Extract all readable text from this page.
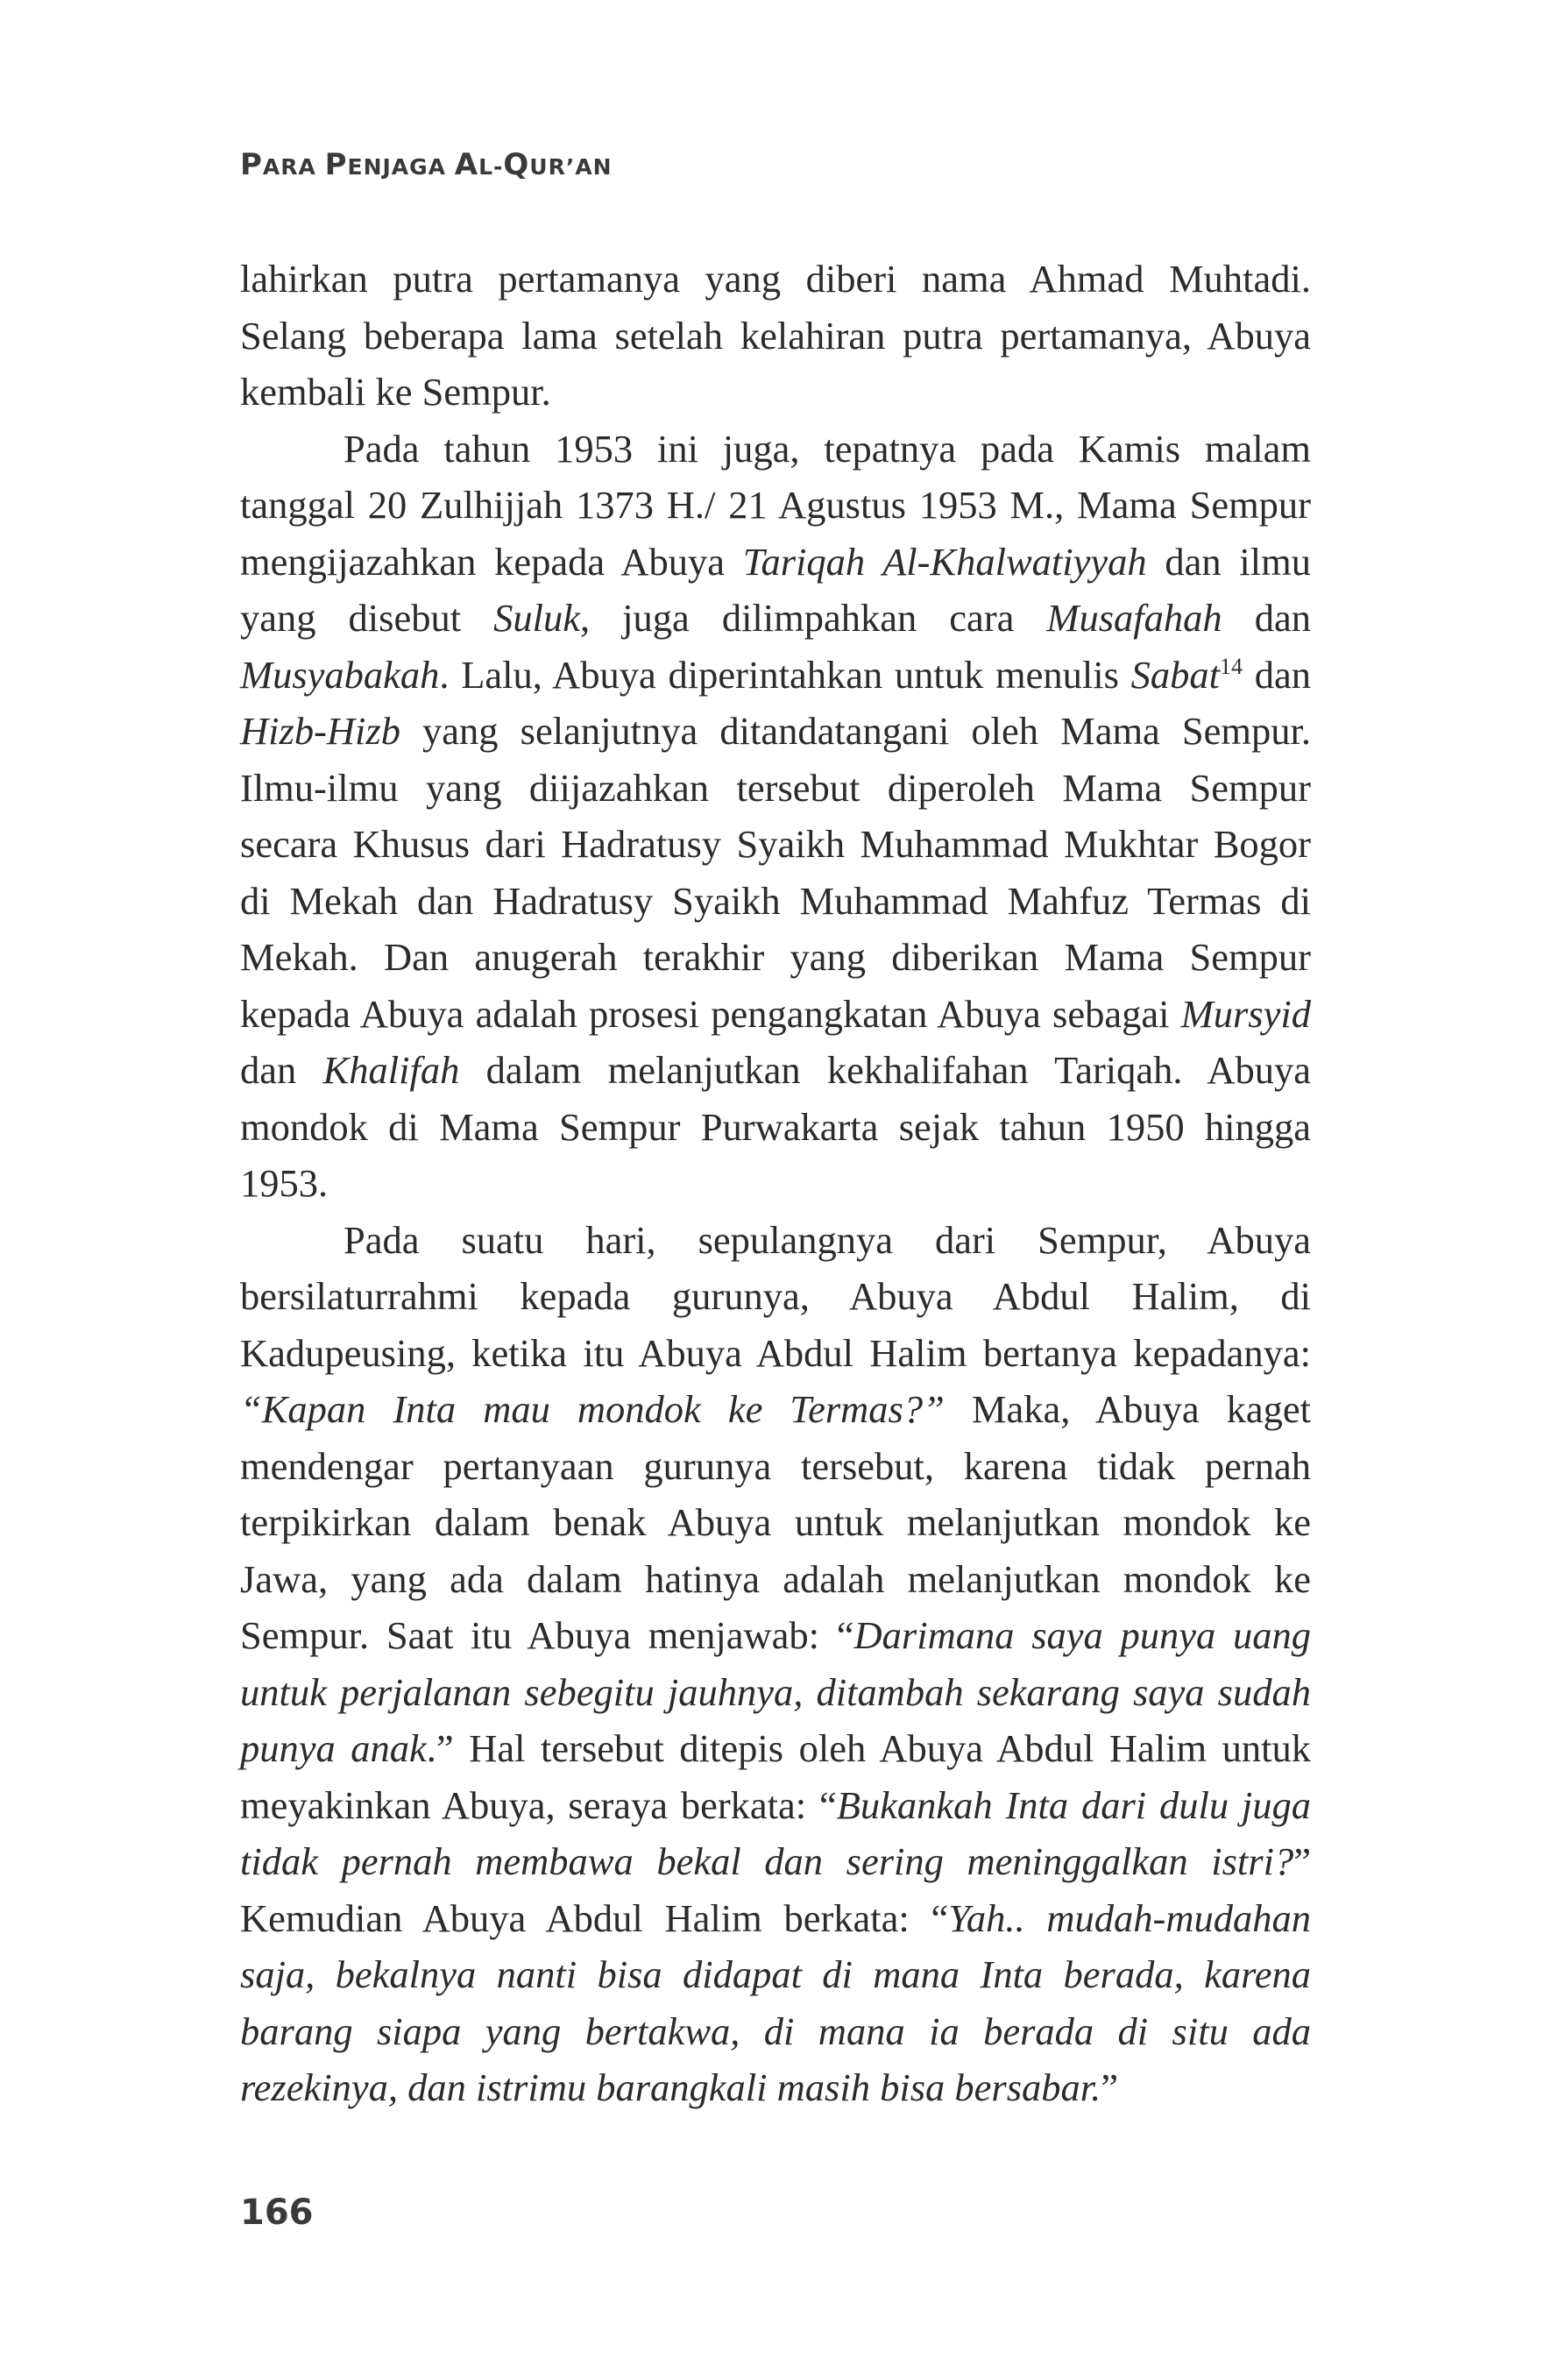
PARA PENJAGA AL-QUR’AN

lahirkan putra pertamanya yang diberi nama Ahmad Muhtadi. Selang beberapa lama setelah kelahiran putra pertamanya, Abuya kembali ke Sempur.

Pada tahun 1953 ini juga, tepatnya pada Kamis malam tanggal 20 Zulhijjah 1373 H./ 21 Agustus 1953 M., Mama Sempur mengijazahkan kepada Abuya Tariqah Al-Khalwatiyyah dan ilmu yang disebut Suluk, juga dilimpahkan cara Musafahah dan Musyabakah. Lalu, Abuya diperintahkan untuk menulis Sabat$^{14}$ dan Hizb-Hizb yang selanjutnya ditandatangani oleh Mama Sempur. Ilmu-ilmu yang diijazahkan tersebut diperoleh Mama Sempur secara Khusus dari Hadratusy Syaikh Muhammad Mukhtar Bogor di Mekah dan Hadratusy Syaikh Muhammad Mahfuz Termas di Mekah. Dan anugerah terakhir yang diberikan Mama Sempur kepada Abuya adalah prosesi pengangkatan Abuya sebagai Mursyid dan Khalifah dalam melanjutkan kekhalifahan Tariqah. Abuya mondok di Mama Sempur Purwakarta sejak tahun 1950 hingga 1953.

Pada suatu hari, sepulangnya dari Sempur, Abuya bersilaturrahmi kepada gurunya, Abuya Abdul Halim, di Kadupeusing, ketika itu Abuya Abdul Halim bertanya kepadanya: “Kapan Inta mau mondok ke Termas?” Maka, Abuya kaget mendengar pertanyaan gurunya tersebut, karena tidak pernah terpikirkan dalam benak Abuya untuk melanjutkan mondok ke Jawa, yang ada dalam hatinya adalah melanjutkan mondok ke Sempur. Saat itu Abuya menjawab: “Darimana saya punya uang untuk perjalanan sebegitu jauhnya, ditambah sekarang saya sudah punya anak.” Hal tersebut ditepis oleh Abuya Abdul Halim untuk meyakinkan Abuya, seraya berkata: “Bukankah Inta dari dulu juga tidak pernah membawa bekal dan sering meninggalkan istri?” Kemudian Abuya Abdul Halim berkata: “Yah.. mudah-mudahan saja, bekalnya nanti bisa didapat di mana Inta berada, karena barang siapa yang bertakwa, di mana ia berada di situ ada rezekinya, dan istrimu barangkali masih bisa bersabar.”

166
